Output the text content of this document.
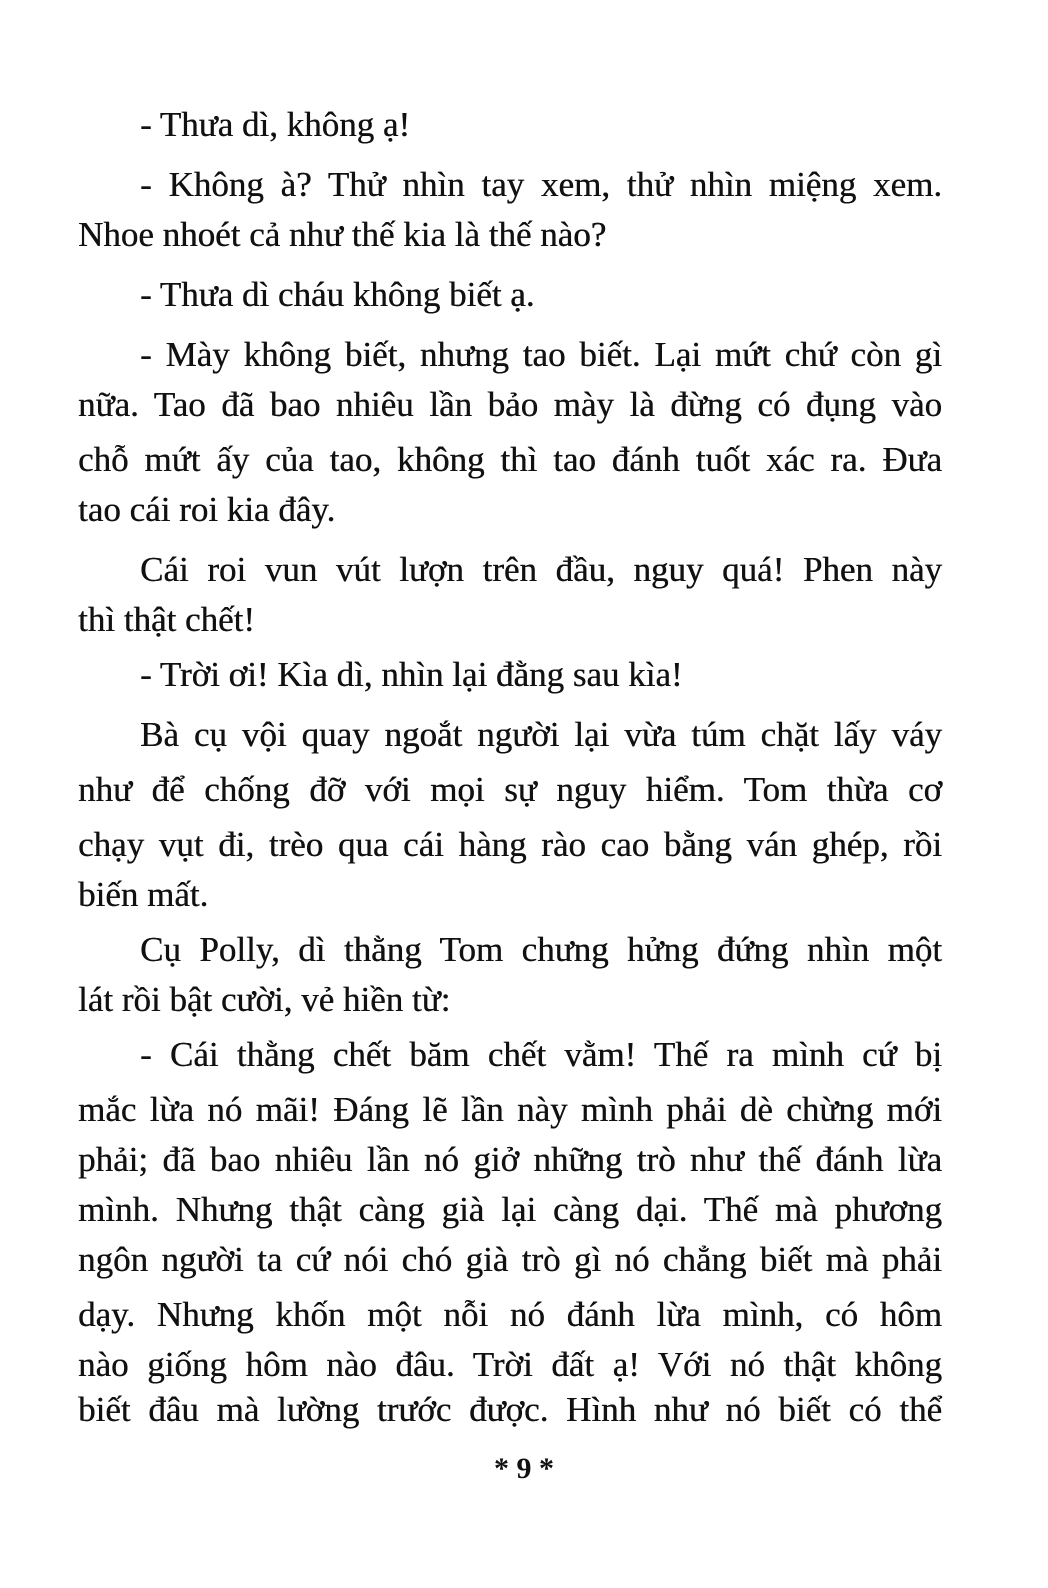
- Thưa dì, không ạ!
- Không à? Thử nhìn tay xem, thử nhìn miệng xem.
Nhoe nhoét cả như thế kia là thế nào?
- Thưa dì cháu không biết ạ.
- Mày không biết, nhưng tao biết. Lại mứt chứ còn gì
nữa. Tao đã bao nhiêu lần bảo mày là đừng có đụng vào
chỗ mứt ấy của tao, không thì tao đánh tuốt xác ra. Đưa
tao cái roi kia đây.
Cái roi vun vút lượn trên đầu, nguy quá! Phen này
thì thật chết!
- Trời ơi! Kìa dì, nhìn lại đằng sau kìa!
Bà cụ vội quay ngoắt người lại vừa túm chặt lấy váy
như để chống đỡ với mọi sự nguy hiểm. Tom thừa cơ
chạy vụt đi, trèo qua cái hàng rào cao bằng ván ghép, rồi
biến mất.
Cụ Polly, dì thằng Tom chưng hửng đứng nhìn một
lát rồi bật cười, vẻ hiền từ:
- Cái thằng chết băm chết vằm! Thế ra mình cứ bị
mắc lừa nó mãi! Đáng lẽ lần này mình phải dè chừng mới
phải; đã bao nhiêu lần nó giở những trò như thế đánh lừa
mình. Nhưng thật càng già lại càng dại. Thế mà phương
ngôn người ta cứ nói chó già trò gì nó chẳng biết mà phải
dạy. Nhưng khốn một nỗi nó đánh lừa mình, có hôm
nào giống hôm nào đâu. Trời đất ạ! Với nó thật không
biết đâu mà lường trước được. Hình như nó biết có thể
* 9 *
